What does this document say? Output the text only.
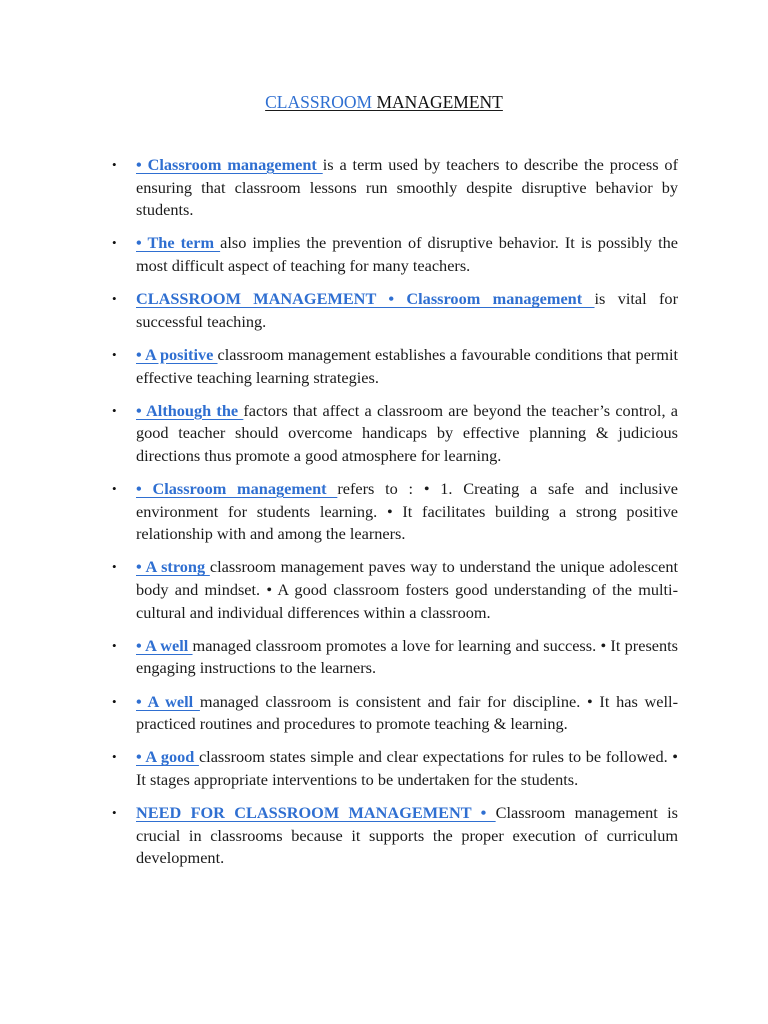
CLASSROOM MANAGEMENT
• • Classroom management is a term used by teachers to describe the process of ensuring that classroom lessons run smoothly despite disruptive behavior by students.
• • The term also implies the prevention of disruptive behavior. It is possibly the most difficult aspect of teaching for many teachers.
• CLASSROOM MANAGEMENT • Classroom management is vital for successful teaching.
• • A positive classroom management establishes a favourable conditions that permit effective teaching learning strategies.
• • Although the factors that affect a classroom are beyond the teacher’s control, a good teacher should overcome handicaps by effective planning & judicious directions thus promote a good atmosphere for learning.
• • Classroom management refers to : • 1. Creating a safe and inclusive environment for students learning. • It facilitates building a strong positive relationship with and among the learners.
• • A strong classroom management paves way to understand the unique adolescent body and mindset. • A good classroom fosters good understanding of the multi- cultural and individual differences within a classroom.
• • A well managed classroom promotes a love for learning and success. • It presents engaging instructions to the learners.
• • A well managed classroom is consistent and fair for discipline. • It has well-practiced routines and procedures to promote teaching & learning.
• • A good classroom states simple and clear expectations for rules to be followed. • It stages appropriate interventions to be undertaken for the students.
• NEED FOR CLASSROOM MANAGEMENT • Classroom management is crucial in classrooms because it supports the proper execution of curriculum development.
